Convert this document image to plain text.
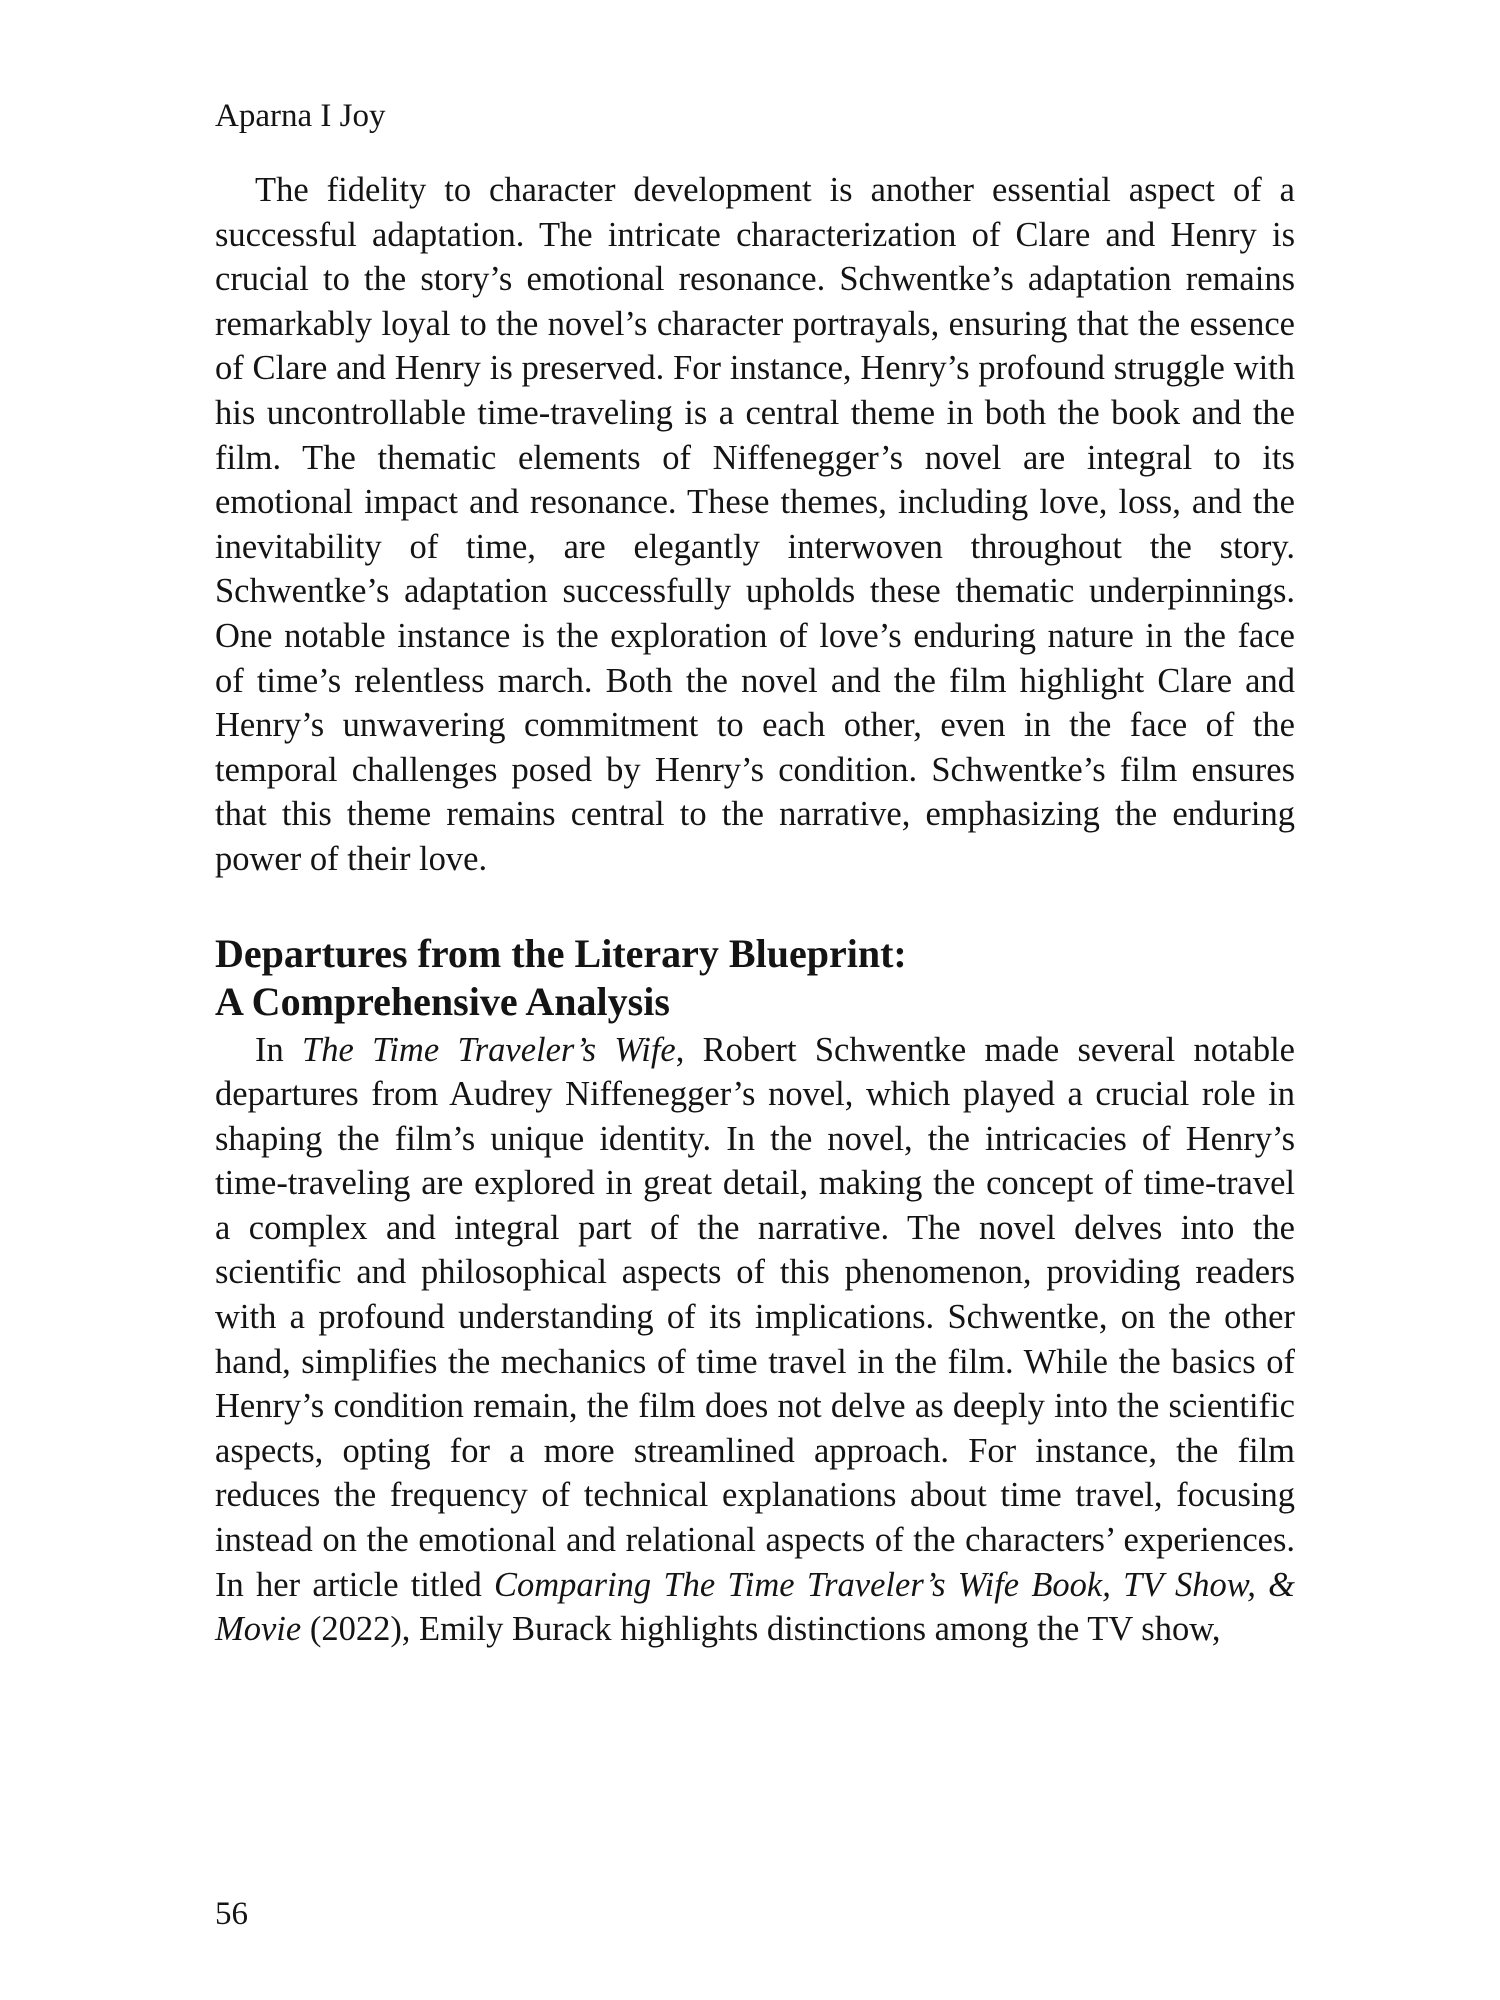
Aparna I Joy

The fidelity to character development is another essential aspect of a successful adaptation. The intricate characterization of Clare and Henry is crucial to the story’s emotional resonance. Schwentke’s adaptation remains remarkably loyal to the novel’s character portrayals, ensuring that the essence of Clare and Henry is preserved. For instance, Henry’s profound struggle with his uncontrollable time-traveling is a central theme in both the book and the film. The thematic elements of Niffenegger’s novel are integral to its emotional impact and resonance. These themes, including love, loss, and the inevitability of time, are elegantly interwoven throughout the story. Schwentke’s adaptation successfully upholds these thematic underpinnings. One notable instance is the exploration of love’s enduring nature in the face of time’s relentless march. Both the novel and the film highlight Clare and Henry’s unwavering commitment to each other, even in the face of the temporal challenges posed by Henry’s condition. Schwentke’s film ensures that this theme remains central to the narrative, emphasizing the enduring power of their love.

Departures from the Literary Blueprint:
A Comprehensive Analysis

In The Time Traveler’s Wife, Robert Schwentke made several notable departures from Audrey Niffenegger’s novel, which played a crucial role in shaping the film’s unique identity. In the novel, the intricacies of Henry’s time-traveling are explored in great detail, making the concept of time-travel a complex and integral part of the narrative. The novel delves into the scientific and philosophical aspects of this phenomenon, providing readers with a profound understanding of its implications. Schwentke, on the other hand, simplifies the mechanics of time travel in the film. While the basics of Henry’s condition remain, the film does not delve as deeply into the scientific aspects, opting for a more streamlined approach. For instance, the film reduces the frequency of technical explanations about time travel, focusing instead on the emotional and relational aspects of the characters’ experiences. In her article titled Comparing The Time Traveler’s Wife Book, TV Show, & Movie (2022), Emily Burack highlights distinctions among the TV show,

56
